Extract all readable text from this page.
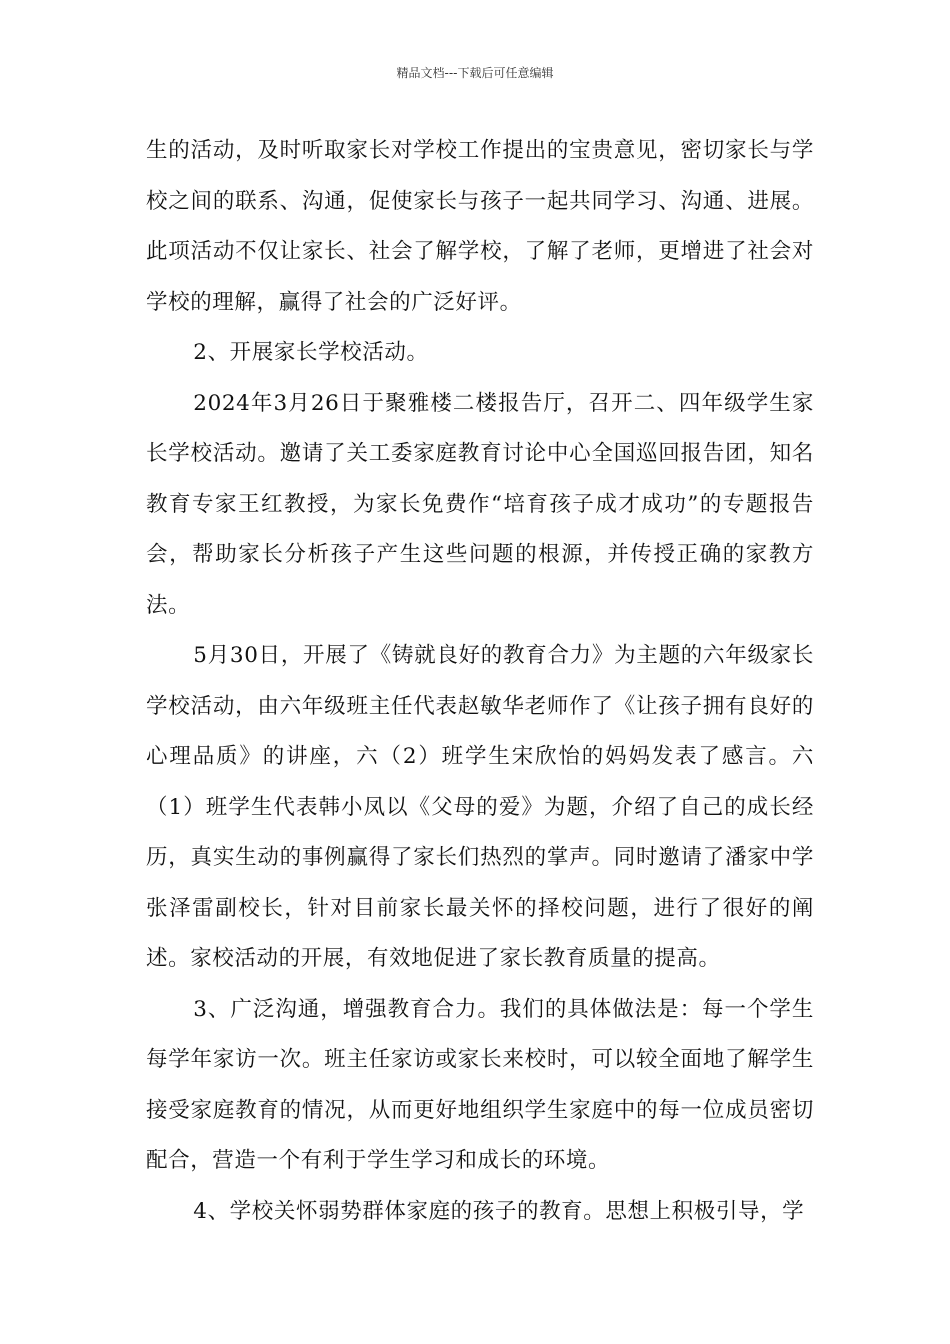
精品文档---下载后可任意编辑

生的活动，及时听取家长对学校工作提出的宝贵意见，密切家长与学校之间的联系、沟通，促使家长与孩子一起共同学习、沟通、进展。此项活动不仅让家长、社会了解学校，了解了老师，更增进了社会对学校的理解，赢得了社会的广泛好评。

2、开展家长学校活动。

2024年3月26日于聚雅楼二楼报告厅，召开二、四年级学生家长学校活动。邀请了关工委家庭教育讨论中心全国巡回报告团，知名教育专家王红教授，为家长免费作“培育孩子成才成功”的专题报告会，帮助家长分析孩子产生这些问题的根源，并传授正确的家教方法。

5月30日，开展了《铸就良好的教育合力》为主题的六年级家长学校活动，由六年级班主任代表赵敏华老师作了《让孩子拥有良好的心理品质》的讲座，六（2）班学生宋欣怡的妈妈发表了感言。六（1）班学生代表韩小凤以《父母的爱》为题，介绍了自己的成长经历，真实生动的事例赢得了家长们热烈的掌声。同时邀请了潘家中学张泽雷副校长，针对目前家长最关怀的择校问题，进行了很好的阐述。家校活动的开展，有效地促进了家长教育质量的提高。

3、广泛沟通，增强教育合力。我们的具体做法是：每一个学生每学年家访一次。班主任家访或家长来校时，可以较全面地了解学生接受家庭教育的情况，从而更好地组织学生家庭中的每一位成员密切配合，营造一个有利于学生学习和成长的环境。

4、学校关怀弱势群体家庭的孩子的教育。思想上积极引导，学
